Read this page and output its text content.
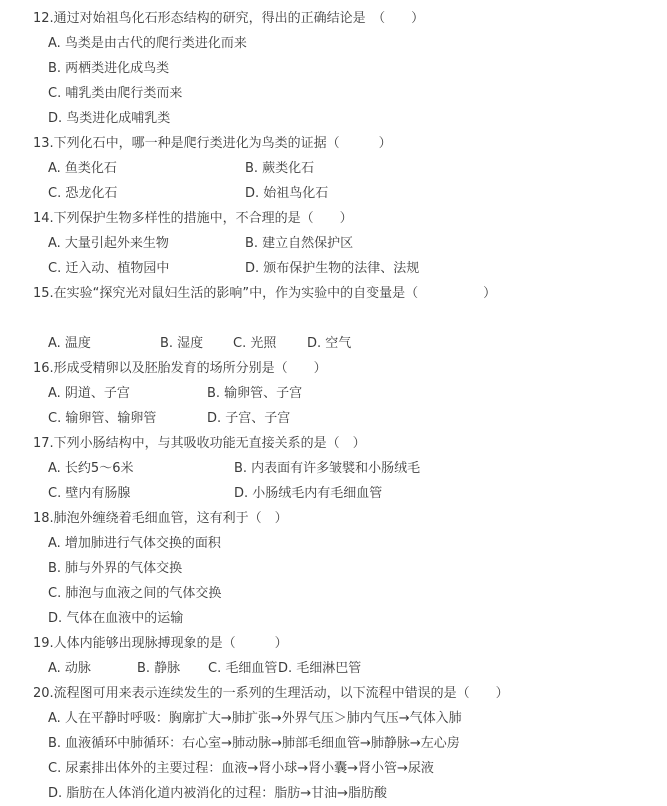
12.通过对始祖鸟化石形态结构的研究，得出的正确结论是　（　　）
A. 鸟类是由古代的爬行类进化而来
B. 两栖类进化成鸟类
C. 哺乳类由爬行类而来
D. 鸟类进化成哺乳类
13.下列化石中，哪一种是爬行类进化为鸟类的证据（　　　）
A. 鱼类化石	B. 蕨类化石
C. 恐龙化石	D. 始祖鸟化石
14.下列保护生物多样性的措施中，不合理的是（　　）
A. 大量引起外来生物	B. 建立自然保护区
C. 迁入动、植物园中	D. 颁布保护生物的法律、法规
15.在实验“探究光对鼠妇生活的影响”中，作为实验中的自变量是（　　　　　）
A. 温度	B. 湿度	C. 光照	D. 空气
16.形成受精卵以及胚胎发育的场所分别是（　　）
A. 阴道、子宫	B. 输卵管、子宫
C. 输卵管、输卵管	D. 子宫、子宫
17.下列小肠结构中，与其吸收功能无直接关系的是（　）
A. 长约5～6米	B. 内表面有许多皱襞和小肠绒毛
C. 壁内有肠腺	D. 小肠绒毛内有毛细血管
18.肺泡外缠绕着毛细血管，这有利于（　）
A. 增加肺进行气体交换的面积
B. 肺与外界的气体交换
C. 肺泡与血液之间的气体交换
D. 气体在血液中的运输
19.人体内能够出现脉搏现象的是（　　　）
A. 动脉	B. 静脉	C. 毛细血管 D. 毛细淋巴管
20.流程图可用来表示连续发生的一系列的生理活动，以下流程中错误的是（　　）
A. 人在平静时呼吸：胸廓扩大→肺扩张→外界气压＞肺内气压→气体入肺
B. 血液循环中肺循环：右心室→肺动脉→肺部毛细血管→肺静脉→左心房
C. 尿素排出体外的主要过程：血液→肾小球→肾小囊→肾小管→尿液
D. 脂肪在人体消化道内被消化的过程：脂肪→甘油→脂肪酸
